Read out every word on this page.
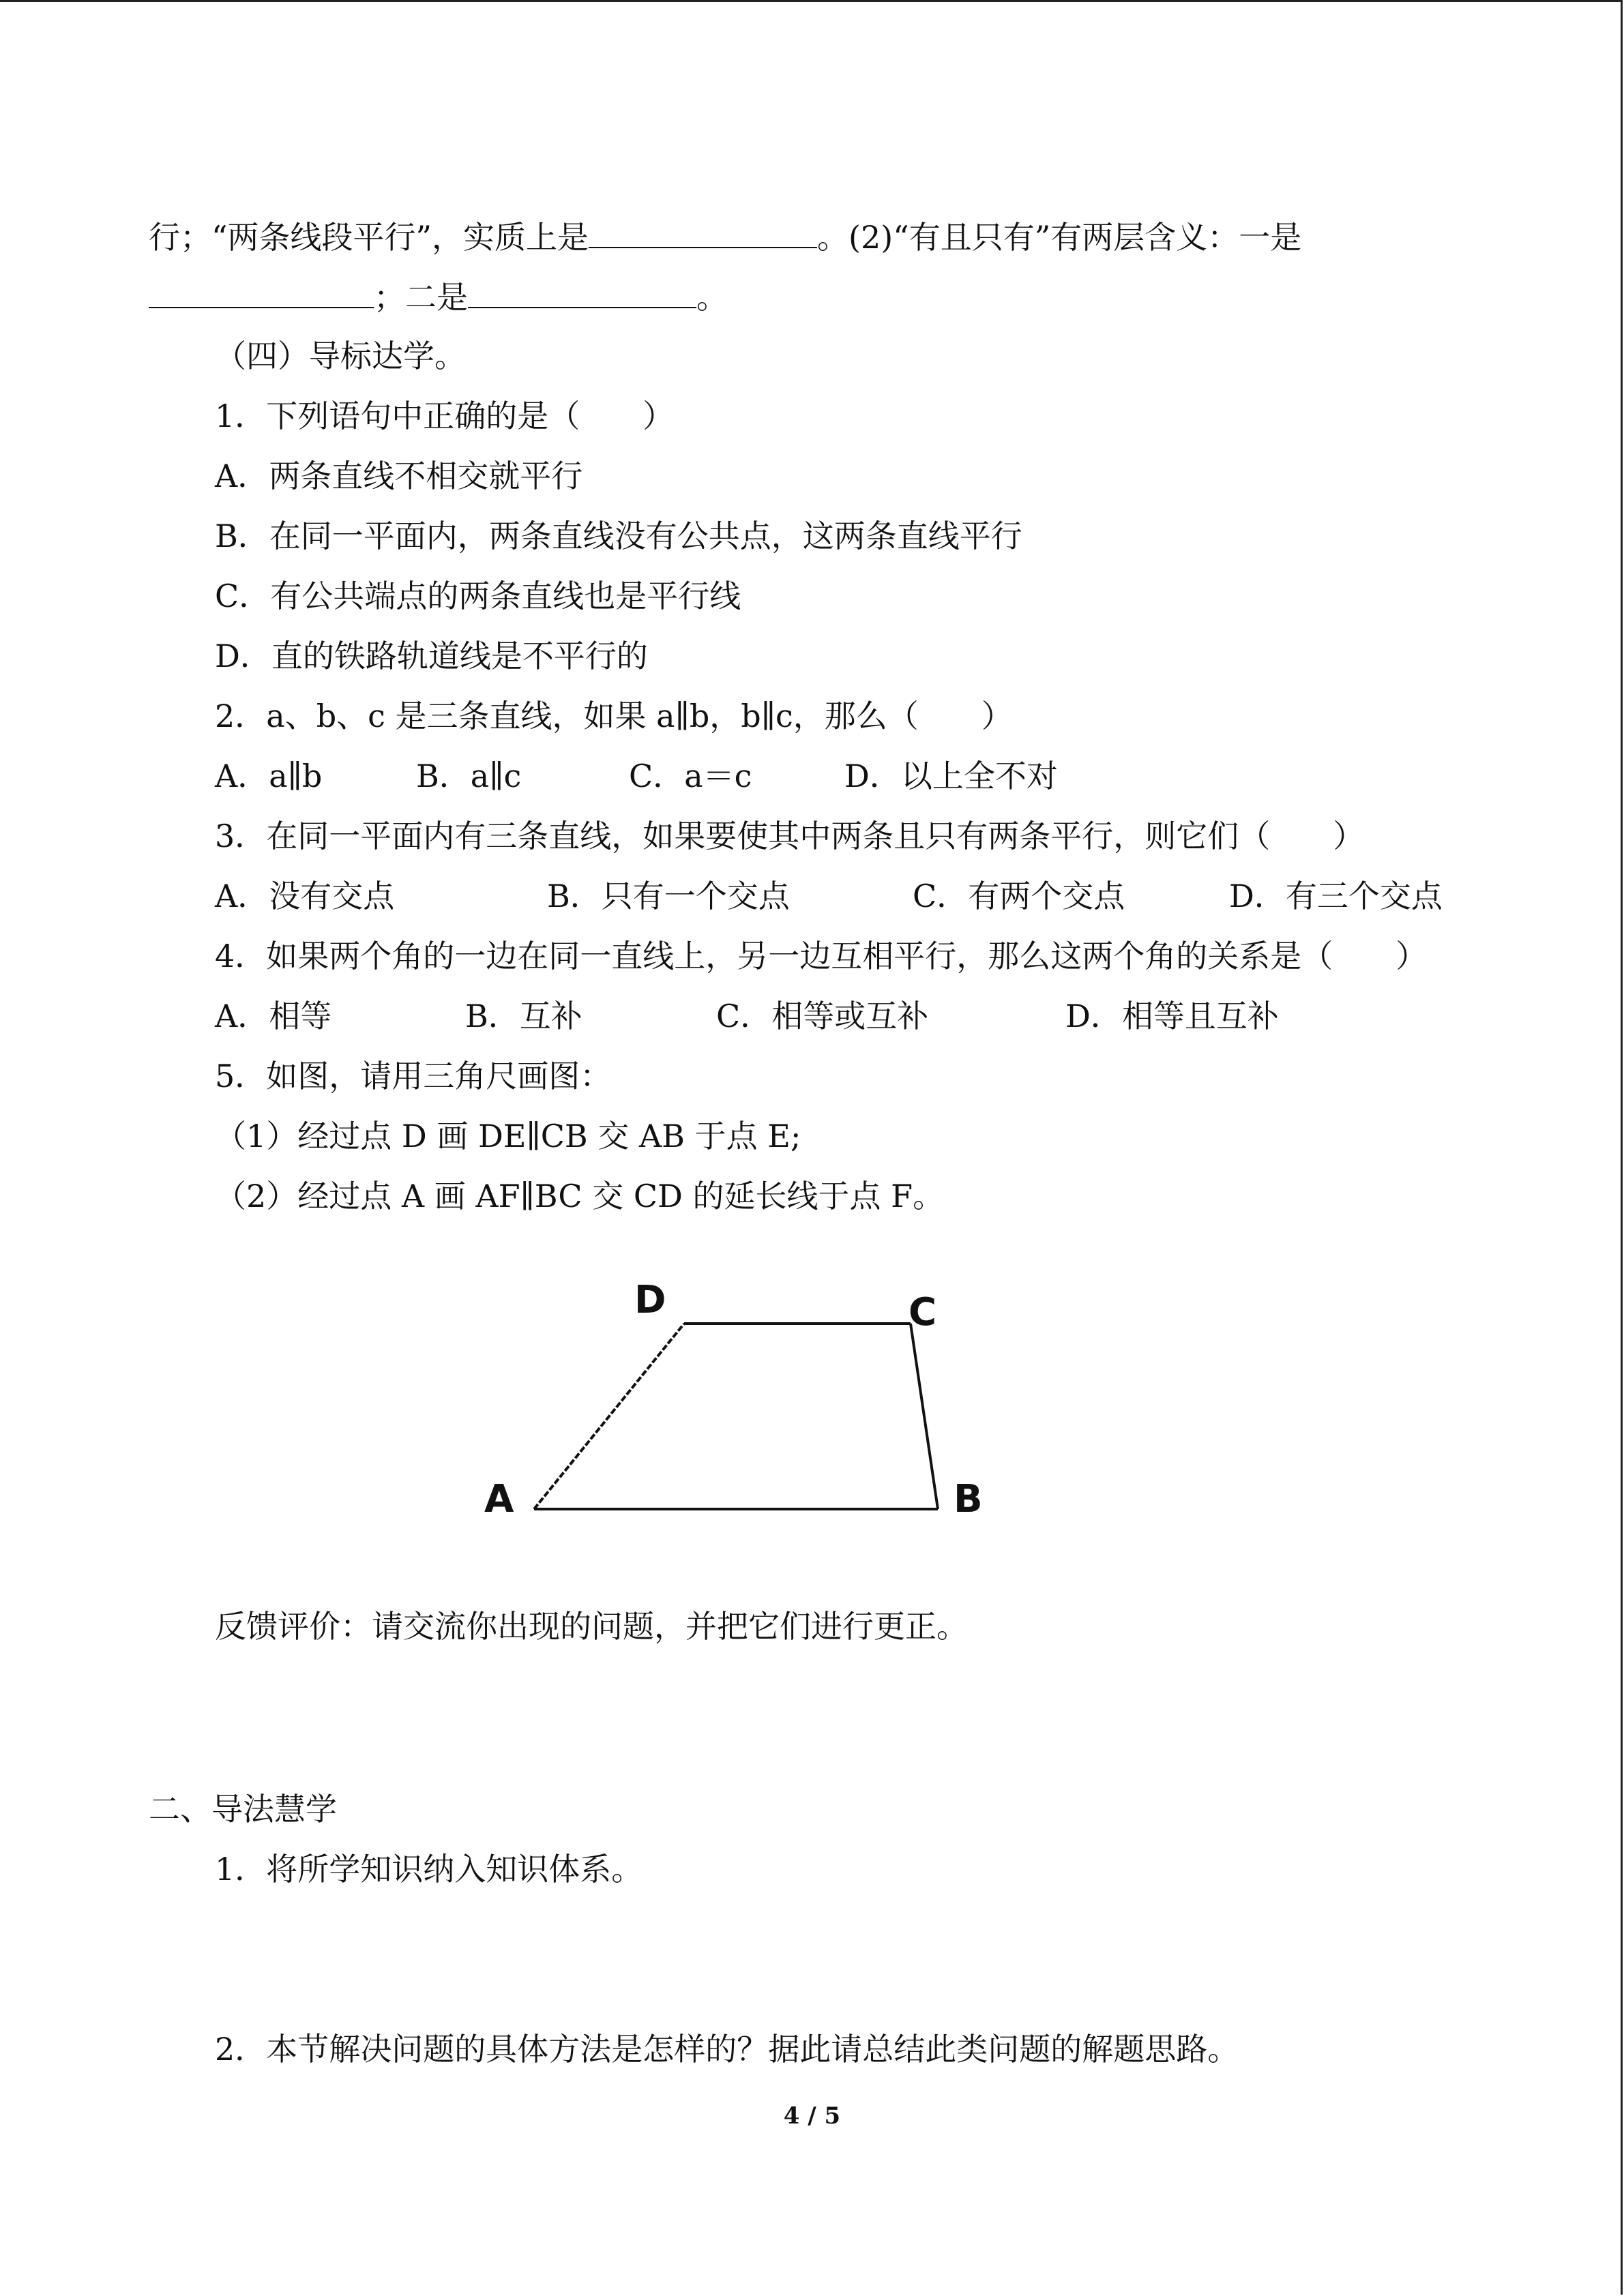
行；“两条线段平行”，实质上是	。(2)“有且只有”有两层含义：一是
；二是	。
（四）导标达学。
1．下列语句中正确的是（　　）
A．两条直线不相交就平行
B．在同一平面内，两条直线没有公共点，这两条直线平行
C．有公共端点的两条直线也是平行线
D．直的铁路轨道线是不平行的
2．a、b、c 是三条直线，如果 a∥b，b∥c，那么（　　）
A．a∥b	B．a∥c	C．a＝c	D．以上全不对
3．在同一平面内有三条直线，如果要使其中两条且只有两条平行，则它们（　　）
A．没有交点	B．只有一个交点	C．有两个交点	D．有三个交点
4．如果两个角的一边在同一直线上，另一边互相平行，那么这两个角的关系是（　　）
A．相等	B．互补	C．相等或互补	D．相等且互补
5．如图，请用三角尺画图：
（1）经过点 D 画 DE∥CB 交 AB 于点 E;
（2）经过点 A 画 AF∥BC 交 CD 的延长线于点 F。
D	C
A	B
反馈评价：请交流你出现的问题，并把它们进行更正。
二、导法慧学
1．将所学知识纳入知识体系。
2．本节解决问题的具体方法是怎样的？据此请总结此类问题的解题思路。
4 / 5
